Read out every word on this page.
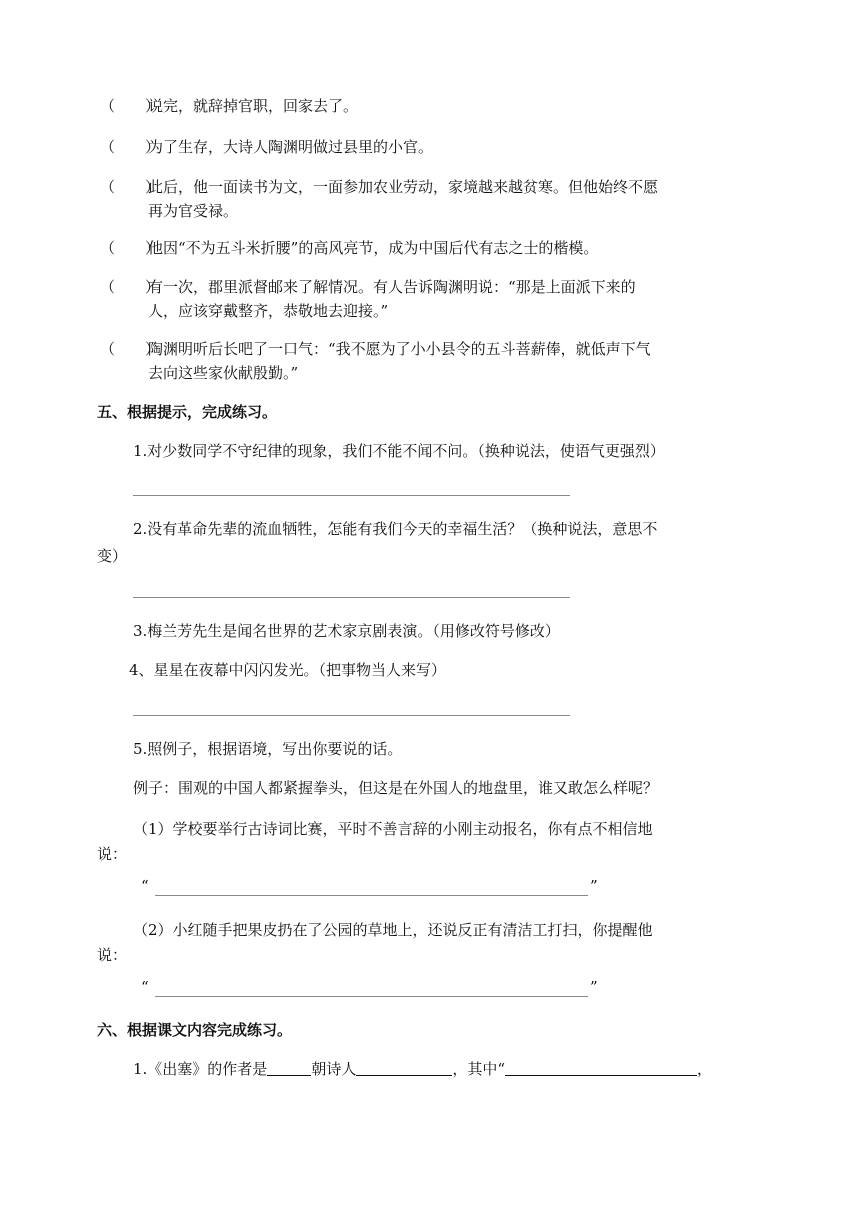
（　　）
说完，就辞掉官职，回家去了。
（　　）
为了生存，大诗人陶渊明做过县里的小官。
（　　）
此后，他一面读书为文，一面参加农业劳动，家境越来越贫寒。但他始终不愿
再为官受禄。
（　　）
他因“不为五斗米折腰”的高风亮节，成为中国后代有志之士的楷模。
（　　）
有一次，郡里派督邮来了解情况。有人告诉陶渊明说：“那是上面派下来的
人，应该穿戴整齐，恭敬地去迎接。”
（　　）
陶渊明听后长吧了一口气：“我不愿为了小小县令的五斗菩薪俸，就低声下气
去向这些家伙献殷勤。”
五、根据提示，完成练习。
1.对少数同学不守纪律的现象，我们不能不闻不问。（换种说法，使语气更强烈）
2.没有革命先辈的流血牺牲，怎能有我们今天的幸福生活？（换种说法，意思不
变）
3.梅兰芳先生是闻名世界的艺术家京剧表演。（用修改符号修改）
4、星星在夜幕中闪闪发光。（把事物当人来写）
5.照例子，根据语境，写出你要说的话。
例子：围观的中国人都紧握拳头，但这是在外国人的地盘里，谁又敢怎么样呢？
（1）学校要举行古诗词比赛，平时不善言辞的小刚主动报名，你有点不相信地
说：
“	”
（2）小红随手把果皮扔在了公园的草地上，还说反正有清洁工打扫，你提醒他
说：
“	”
六、根据课文内容完成练习。
1.《出塞》的作者是	朝诗人	，其中“	，
